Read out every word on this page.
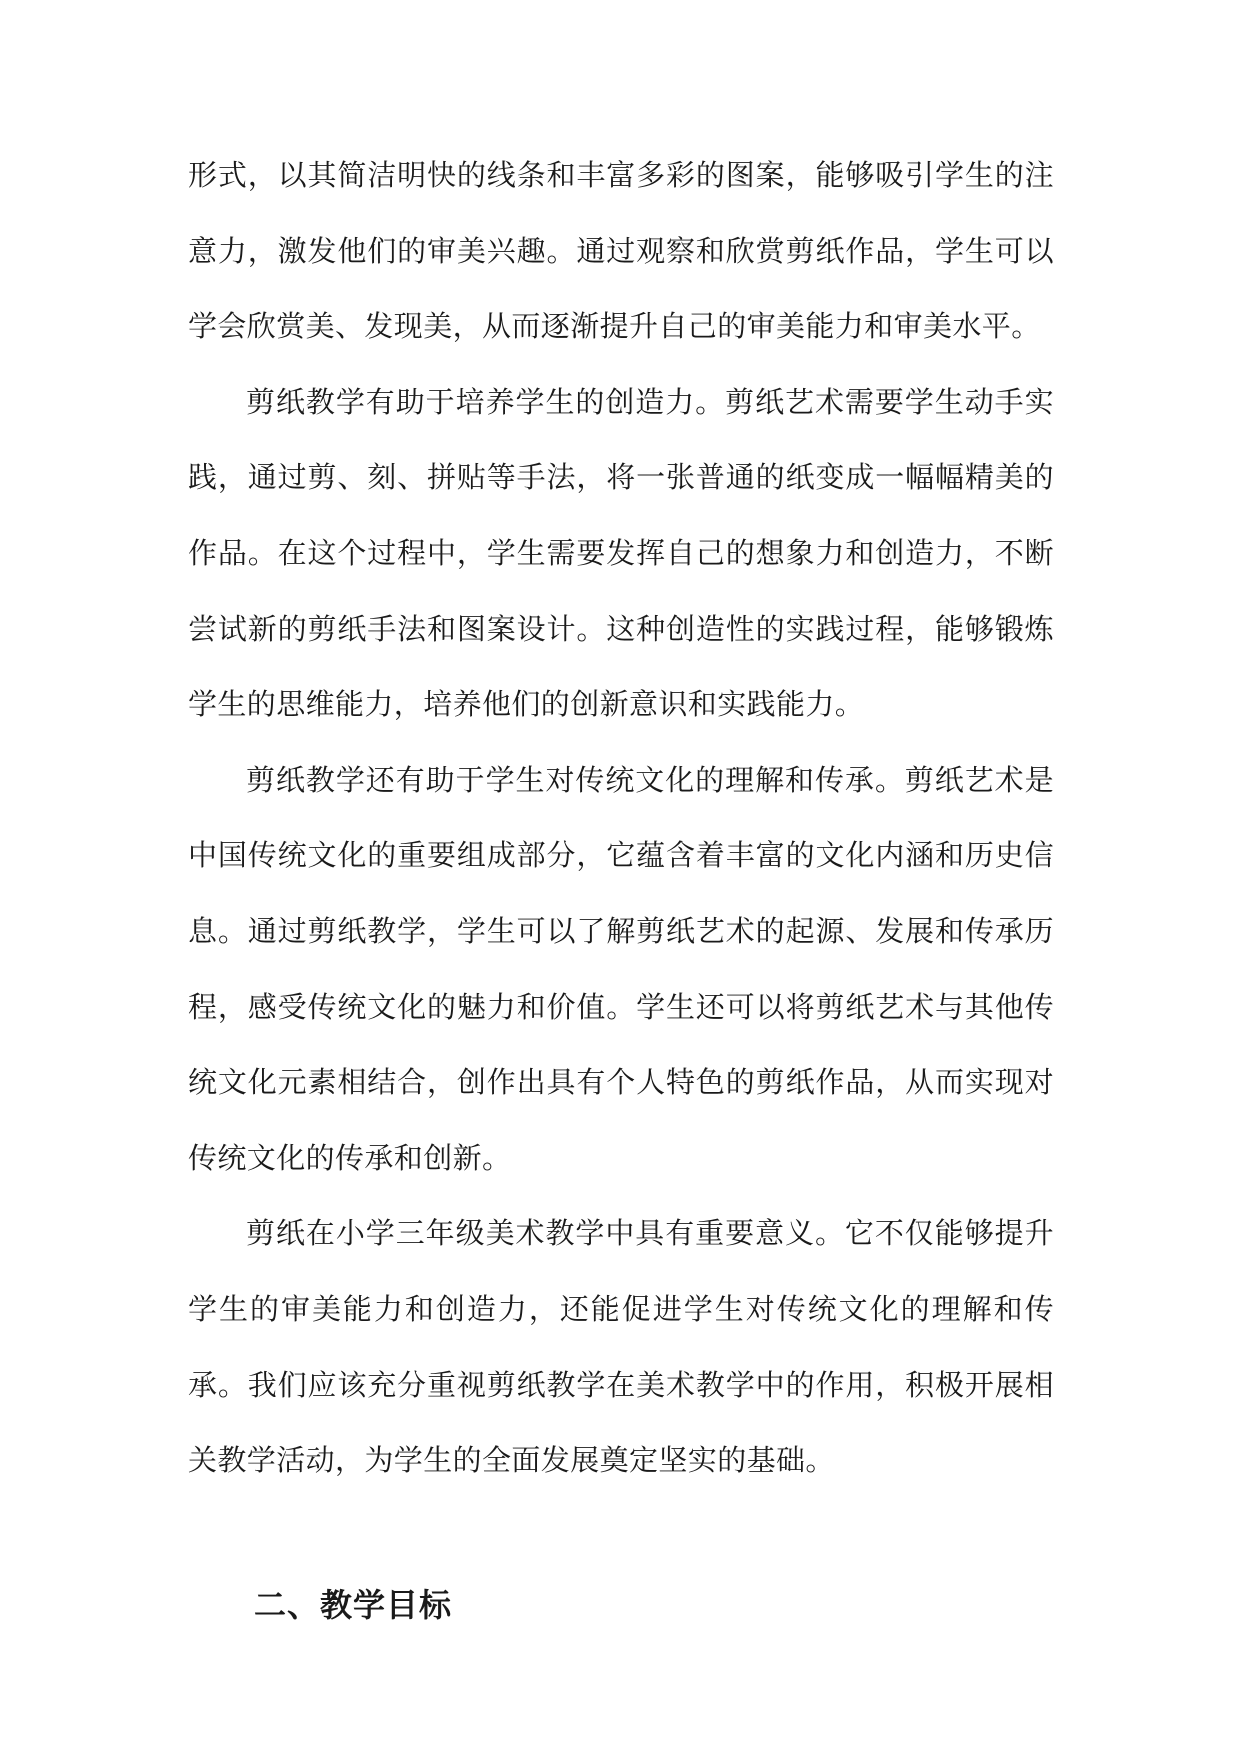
形式，以其简洁明快的线条和丰富多彩的图案，能够吸引学生的注意力，激发他们的审美兴趣。通过观察和欣赏剪纸作品，学生可以学会欣赏美、发现美，从而逐渐提升自己的审美能力和审美水平。

剪纸教学有助于培养学生的创造力。剪纸艺术需要学生动手实践，通过剪、刻、拼贴等手法，将一张普通的纸变成一幅幅精美的作品。在这个过程中，学生需要发挥自己的想象力和创造力，不断尝试新的剪纸手法和图案设计。这种创造性的实践过程，能够锻炼学生的思维能力，培养他们的创新意识和实践能力。

剪纸教学还有助于学生对传统文化的理解和传承。剪纸艺术是中国传统文化的重要组成部分，它蕴含着丰富的文化内涵和历史信息。通过剪纸教学，学生可以了解剪纸艺术的起源、发展和传承历程，感受传统文化的魅力和价值。学生还可以将剪纸艺术与其他传统文化元素相结合，创作出具有个人特色的剪纸作品，从而实现对传统文化的传承和创新。

剪纸在小学三年级美术教学中具有重要意义。它不仅能够提升学生的审美能力和创造力，还能促进学生对传统文化的理解和传承。我们应该充分重视剪纸教学在美术教学中的作用，积极开展相关教学活动，为学生的全面发展奠定坚实的基础。

二、教学目标
